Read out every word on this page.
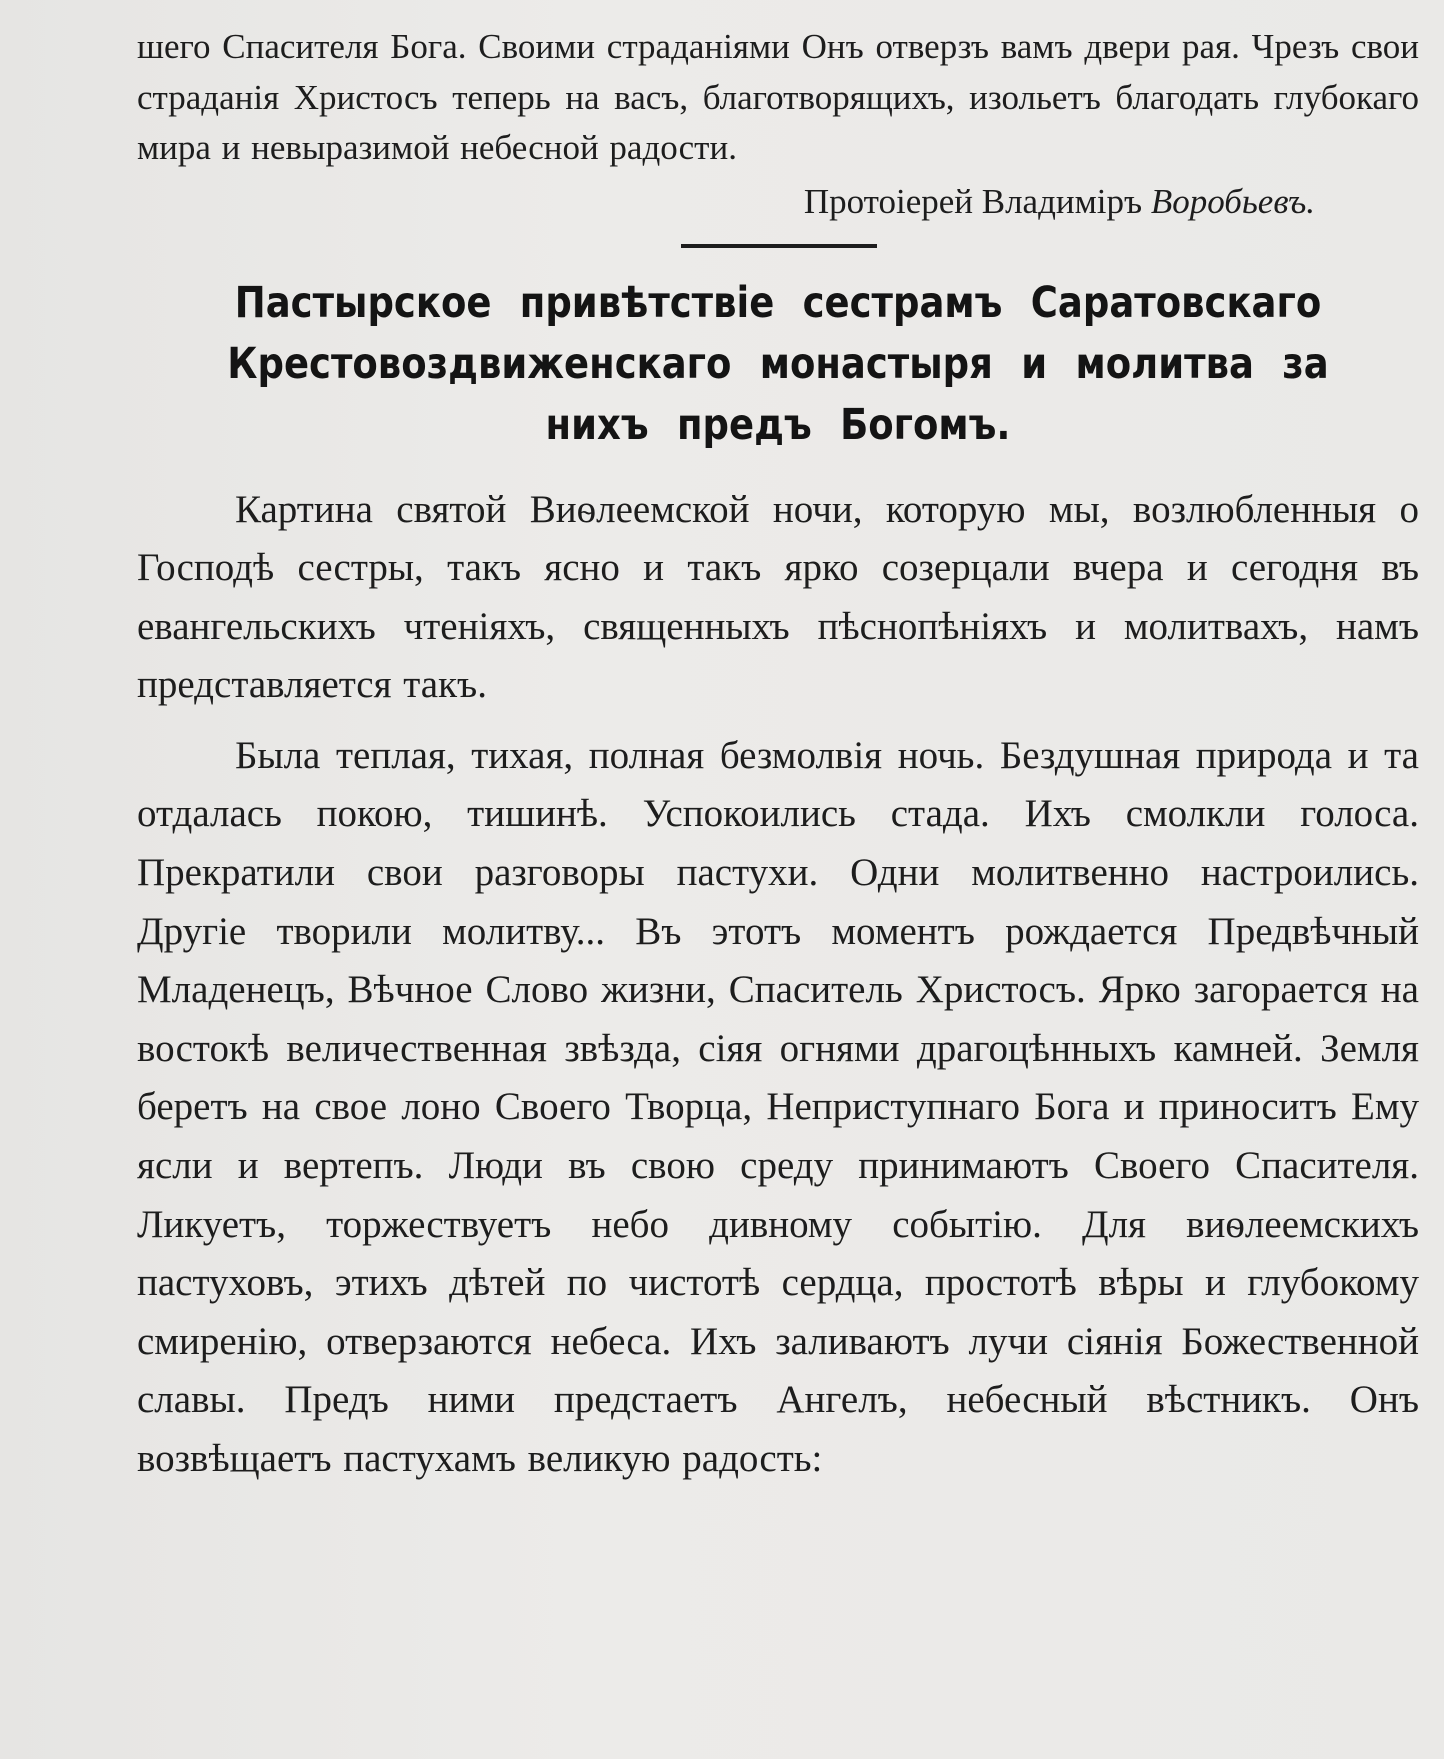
шего Спасителя Бога. Своими страданіями Онъ отверзъ вамъ двери рая. Чрезъ свои страданія Христосъ теперь на васъ, благотворящихъ, изольетъ благодать глубокаго мира и невыразимой небесной радости.

Протоіерей Владиміръ Воробьевъ.
Пастырское привѣтствіе сестрамъ Саратовскаго Крестовоздвиженскаго монастыря и молитва за нихъ предъ Богомъ.

Картина святой Виѳлеемской ночи, которую мы, возлюбленныя о Господѣ сестры, такъ ясно и такъ ярко созерцали вчера и сегодня въ евангельскихъ чтеніяхъ, священныхъ пѣснопѣніяхъ и молитвахъ, намъ представляется такъ.

Была теплая, тихая, полная безмолвія ночь. Бездушная природа и та отдалась покою, тишинѣ. Успокоились стада. Ихъ смолкли голоса. Прекратили свои разговоры пастухи. Одни молитвенно настроились. Другіе творили молитву... Въ этотъ моментъ рождается Предвѣчный Младенецъ, Вѣчное Слово жизни, Спаситель Христосъ. Ярко загорается на востокѣ величественная звѣзда, сіяя огнями драгоцѣнныхъ камней. Земля беретъ на свое лоно Своего Творца, Неприступнаго Бога и приноситъ Ему ясли и вертепъ. Люди въ свою среду принимаютъ Своего Спасителя. Ликуетъ, торжествуетъ небо дивному событію. Для виѳлеемскихъ пастуховъ, этихъ дѣтей по чистотѣ сердца, простотѣ вѣры и глубокому смиренію, отверзаются небеса. Ихъ заливаютъ лучи сіянія Божественной славы. Предъ ними предстаетъ Ангелъ, небесный вѣстникъ. Онъ возвѣщаетъ пастухамъ великую радость:
